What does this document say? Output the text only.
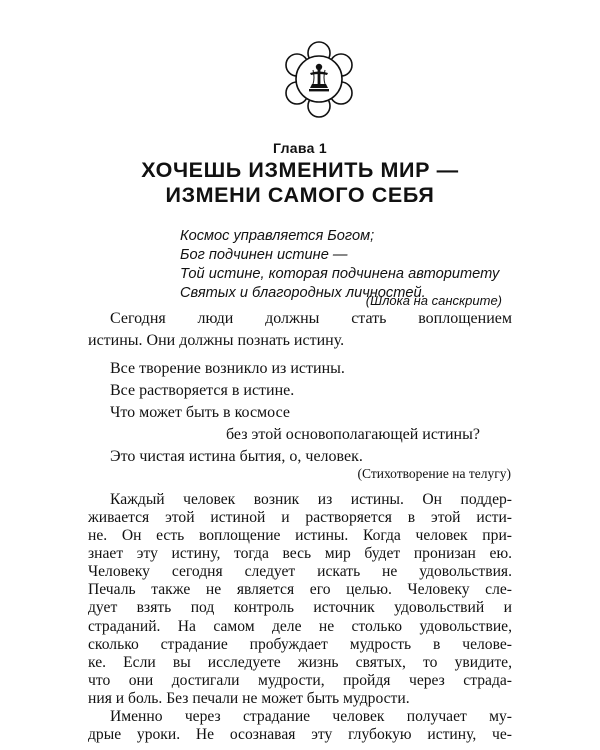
Глава 1
ХОЧЕШЬ ИЗМЕНИТЬ МИР —
ИЗМЕНИ САМОГО СЕБЯ
Космос управляется Богом;
Бог подчинен истине —
Той истине, которая подчинена авторитету
Святых и благородных личностей.
(Шлока на санскрите)
Сегодня люди должны стать воплощением
истины. Они должны познать истину.
Все творение возникло из истины.
Все растворяется в истине.
Что может быть в космосе
без этой основополагающей истины?
Это чистая истина бытия, о, человек.
(Стихотворение на телугу)
Каждый человек возник из истины. Он поддер-
живается этой истиной и растворяется в этой исти-
не. Он есть воплощение истины. Когда человек при-
знает эту истину, тогда весь мир будет пронизан ею.
Человеку сегодня следует искать не удовольствия.
Печаль также не является его целью. Человеку сле-
дует взять под контроль источник удовольствий и
страданий. На самом деле не столько удовольствие,
сколько страдание пробуждает мудрость в челове-
ке. Если вы исследуете жизнь святых, то увидите,
что они достигали мудрости, пройдя через страда-
ния и боль. Без печали не может быть мудрости.
Именно через страдание человек получает му-
дрые уроки. Не осознавая эту глубокую истину, че-
